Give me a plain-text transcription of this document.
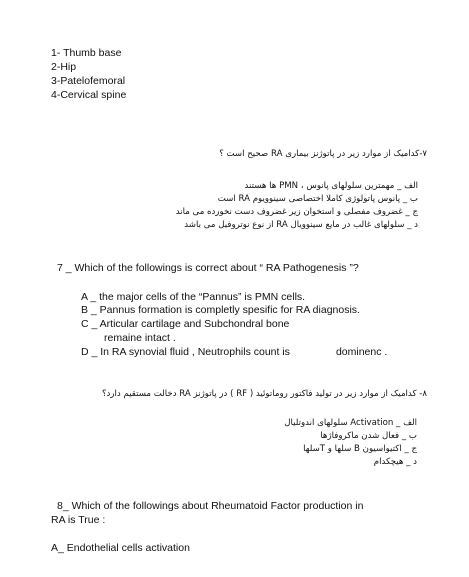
1- Thumb base
2-Hip
3-Patelofemoral
4-Cervical spine
۷-کدامیک از موارد زیر در پاتوژنز بیماری RA صحیح است ؟
الف _ مهمترین سلولهای پانوس ، PMN ها هستند
ب _ پانوس پاتولوژی کاملا اختصاصی سینوویوم RA است
ج _ غضروف مفصلی و استخوان زیر غضروف دست نخورده می ماند
د _ سلولهای غالب در مایع سینوویال RA از نوع نوتروفیل می باشد
7 _ Which of the followings is correct about “ RA Pathogenesis ”?
A _ the major cells of the “Pannus” is PMN cells.
B _ Pannus formation is completly spesific for RA diagnosis.
C _ Articular cartilage and Subchondral bone
remaine intact .
D _ In RA synovial fluid , Neutrophils count is	dominenc .
۸- کدامیک از موارد زیر در تولید فاکتور روماتوئید ( RF ) در پاتوژنز RA دخالت مستقیم دارد؟
الف _ Activation سلولهای اندوتلیال
ب _ فعال شدن ماکروفاژها
ج _ اکتیواسیون B سلها و Tسلها
د _ هیچکدام
8_ Which of the followings about Rheumatoid Factor production in
RA is True :
A_ Endothelial cells activation
